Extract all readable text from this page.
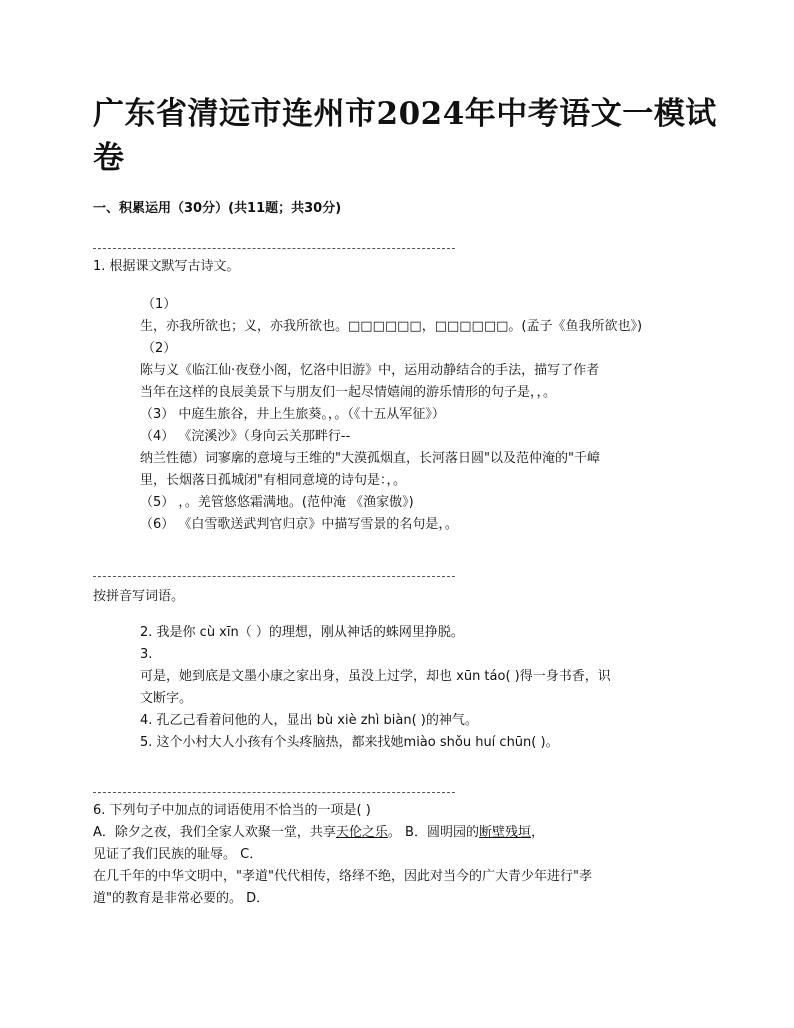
广东省清远市连州市2024年中考语文一模试
卷

一、积累运用（30分）(共11题；共30分)

1. 根据课文默写古诗文。
（1）
生，亦我所欲也；义，亦我所欲也。□□□□□□，□□□□□□。(孟子《鱼我所欲也》)
（2）
陈与义《临江仙·夜登小阁，忆洛中旧游》中，运用动静结合的手法，描写了作者
当年在这样的良辰美景下与朋友们一起尽情嬉闹的游乐情形的句子是，，。
（3） 中庭生旅谷，井上生旅葵。，。（《十五从军征》）
（4） 《浣溪沙》（身向云关那畔行--
纳兰性德）词寥廓的意境与王维的"大漠孤烟直，长河落日圆"以及范仲淹的"千嶂
里，长烟落日孤城闭"有相同意境的诗句是：，。
（5） ，。羌管悠悠霜满地。(范仲淹 《渔家傲》)
（6） 《白雪歌送武判官归京》中描写雪景的名句是，。
按拼音写词语。
2. 我是你 cù xīn（ ）的理想，刚从神话的蛛网里挣脱。
3.
可是，她到底是文墨小康之家出身，虽没上过学，却也 xūn táo( )得一身书香，识
文断字。
4. 孔乙己看着问他的人，显出 bù xiè zhì biàn( )的神气。
5. 这个小村大人小孩有个头疼脑热，都来找她miào shǒu huí chūn( )。
6. 下列句子中加点的词语使用不恰当的一项是( )
A．除夕之夜，我们全家人欢聚一堂，共享天伦之乐。 B．圆明园的断壁残垣，
见证了我们民族的耻辱。 C．
在几千年的中华文明中，"孝道"代代相传，络绎不绝，因此对当今的广大青少年进行"孝
道"的教育是非常必要的。 D．
